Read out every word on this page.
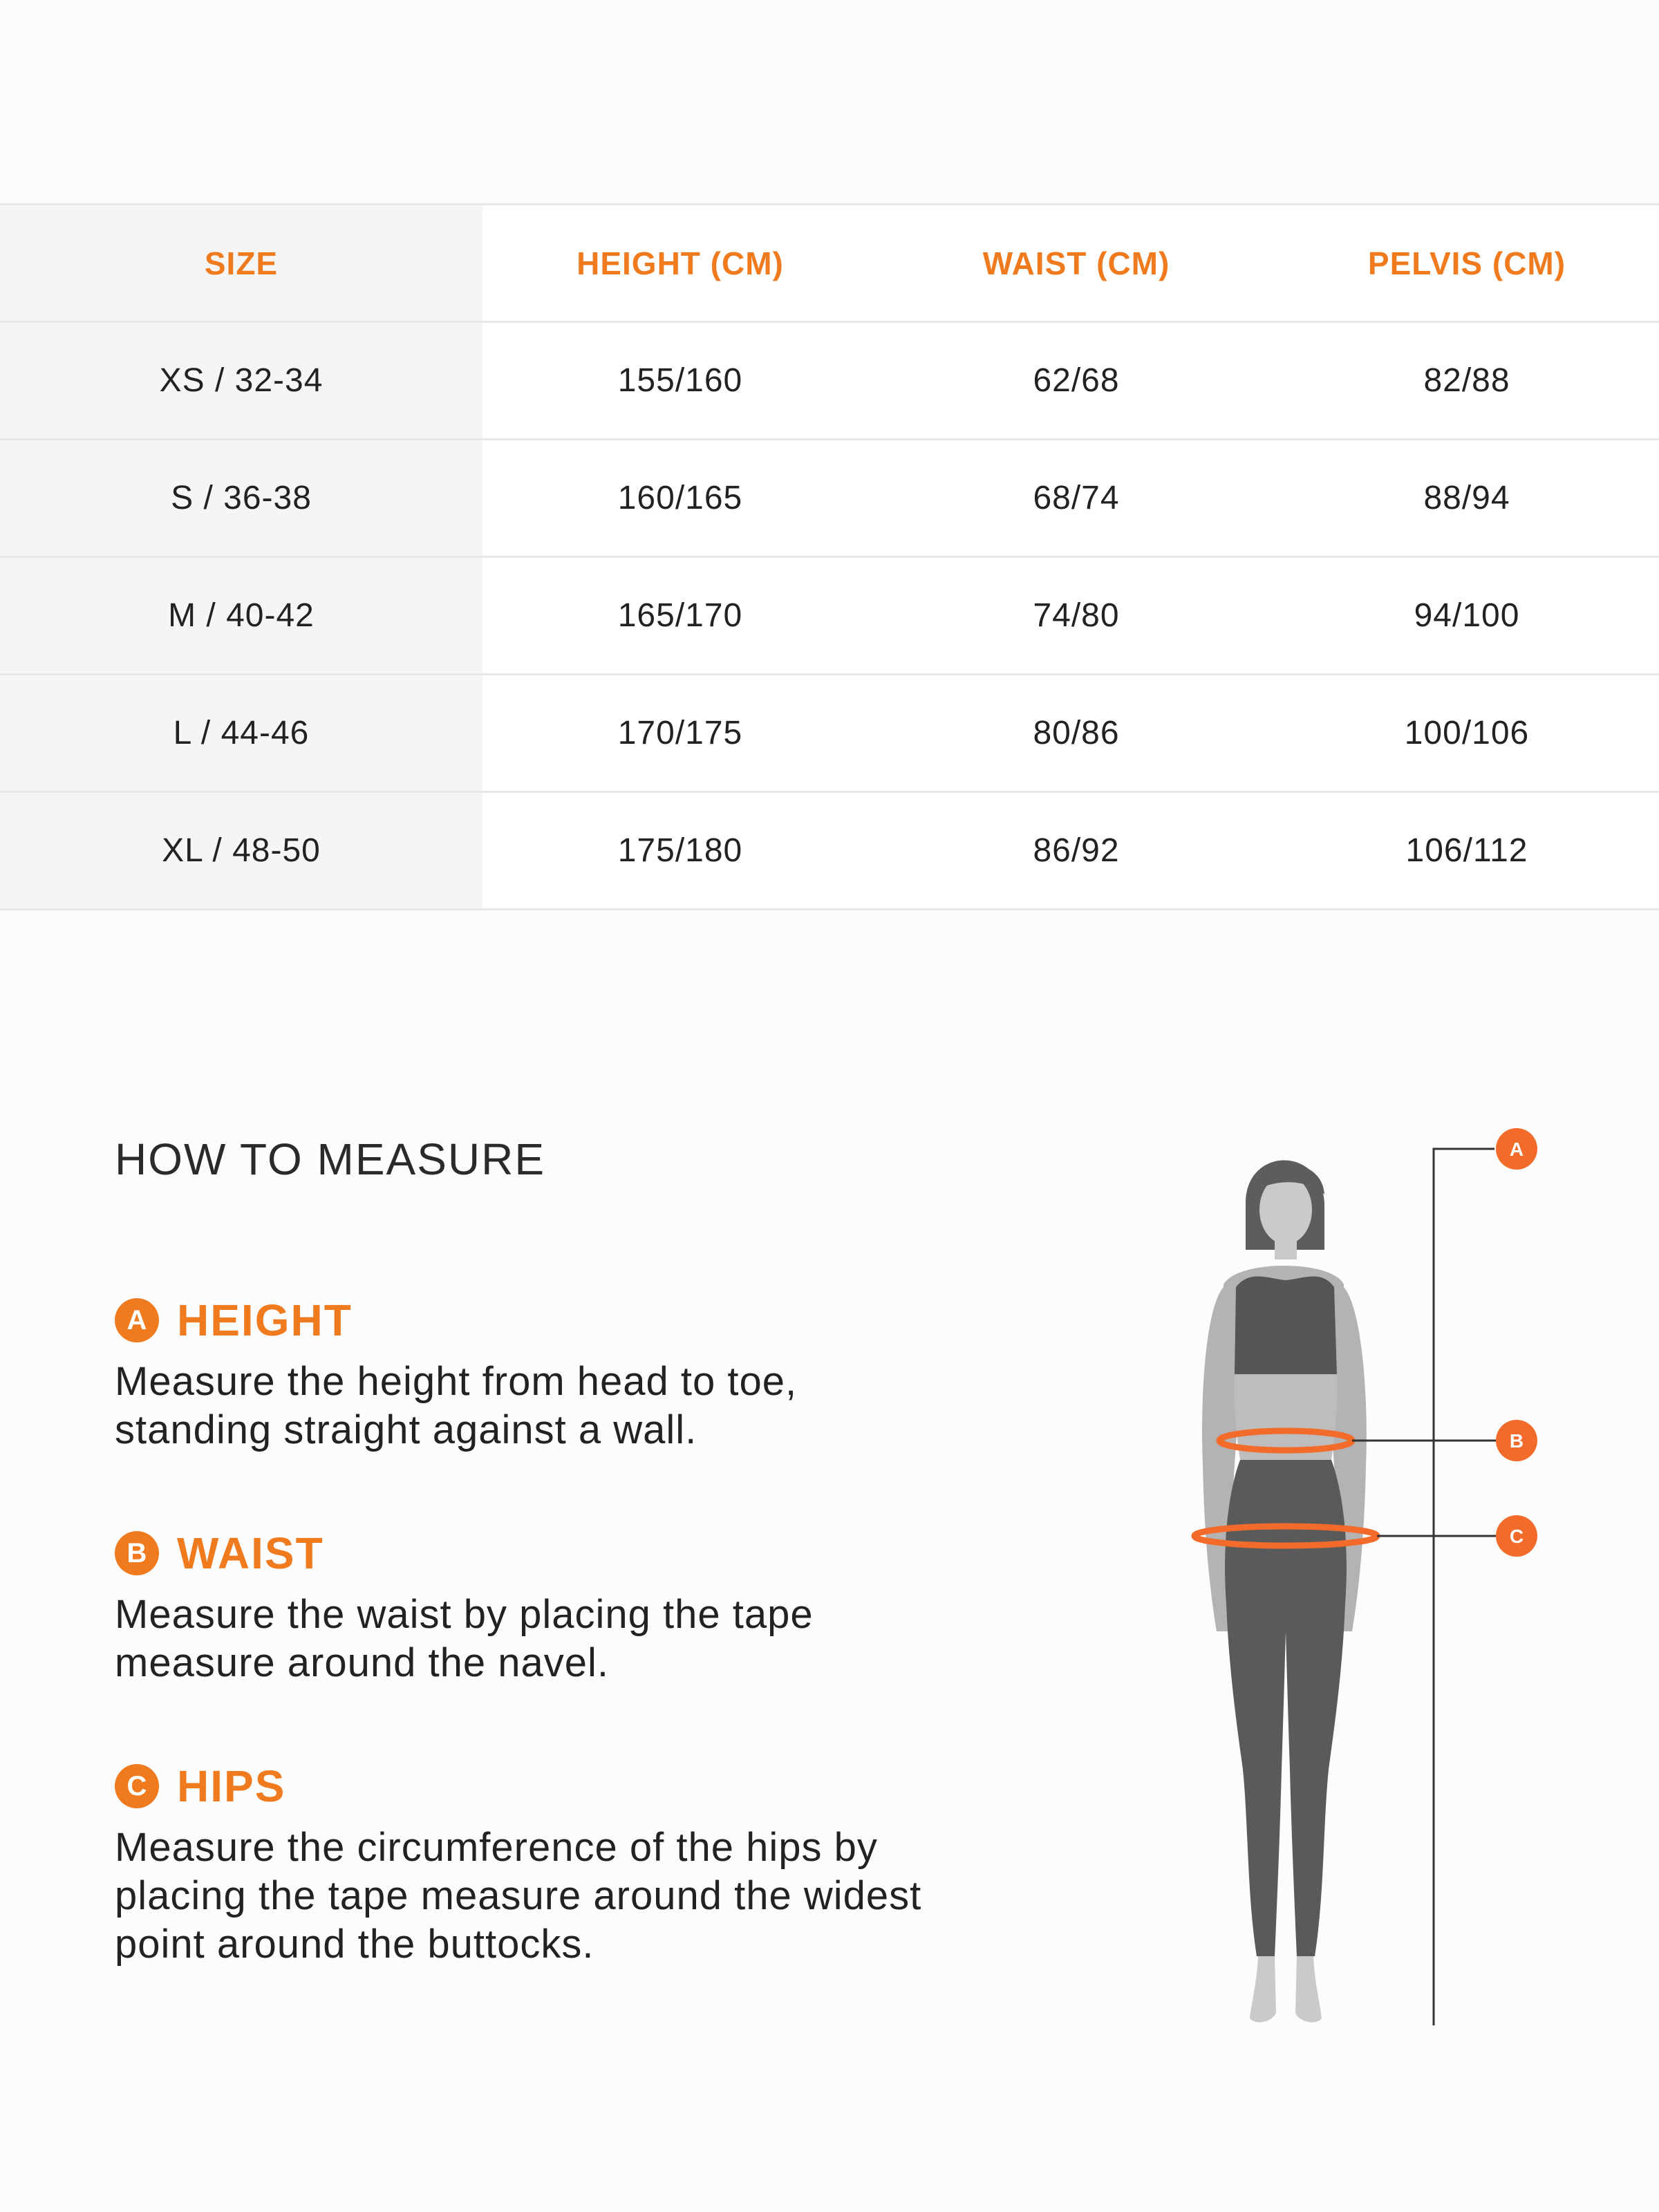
SIZE	HEIGHT (CM)	WAIST (CM)	PELVIS (CM)
XS / 32-34	155/160	62/68	82/88
S / 36-38	160/165	68/74	88/94
M / 40-42	165/170	74/80	94/100
L / 44-46	170/175	80/86	100/106
XL / 48-50	175/180	86/92	106/112
HOW TO MEASURE
A HEIGHT

Measure the height from head to toe,
standing straight against a wall.

B WAIST

Measure the waist by placing the tape
measure around the navel.

C HIPS

Measure the circumference of the hips by
placing the tape measure around the widest
point around the buttocks.

A
B
C
